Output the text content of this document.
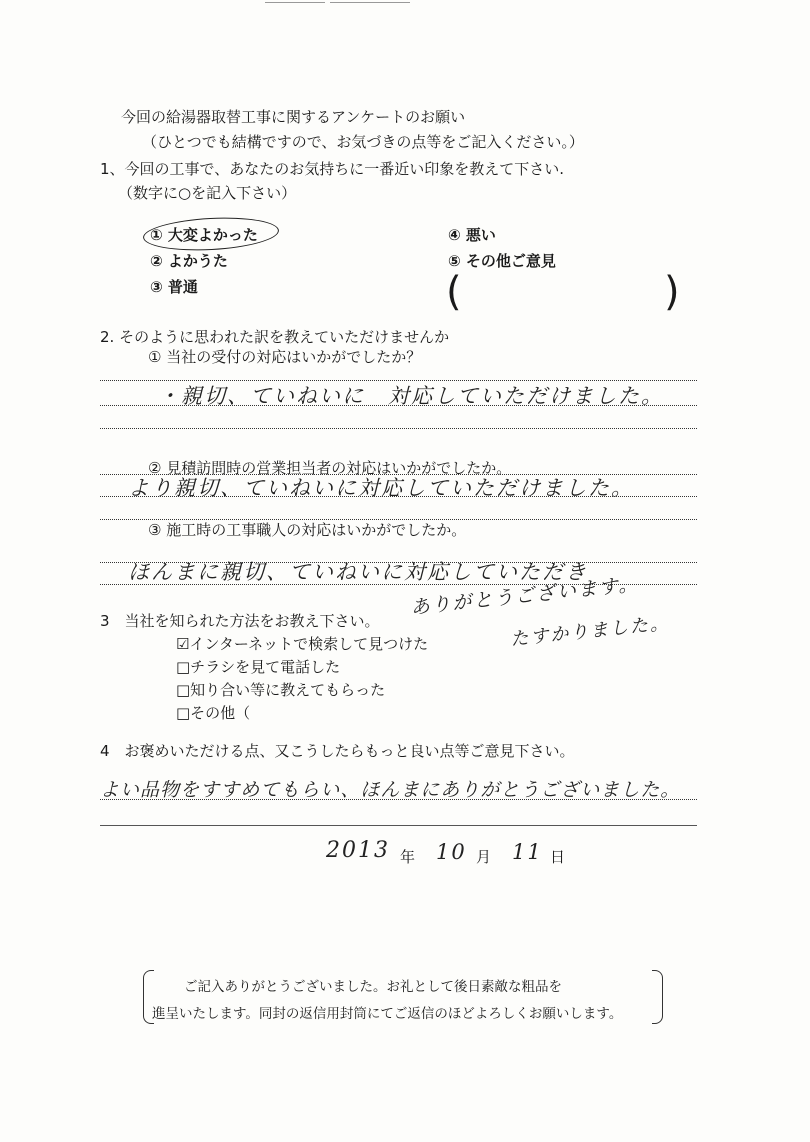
今回の給湯器取替工事に関するアンケートのお願い
（ひとつでも結構ですので、お気づきの点等をご記入ください。）
1、今回の工事で、あなたのお気持ちに一番近い印象を教えて下さい.
（数字に○を記入下さい）
① 大変よかった
② よかうた
③ 普通
④ 悪い
⑤ その他ご意見
(	)
2. そのように思われた訳を教えていただけませんか
① 当社の受付の対応はいかがでしたか？
・親切、ていねいに　対応していただけました。
② 見積訪問時の営業担当者の対応はいかがでしたか。
より親切、ていねいに対応していただけました。
③ 施工時の工事職人の対応はいかがでしたか。
ほんまに親切、ていねいに対応していただき
ありがとうございます。
たすかりました。
3　当社を知られた方法をお教え下さい。
☑インターネットで検索して見つけた
□チラシを見て電話した
□知り合い等に教えてもらった
□その他（
4　お褒めいただける点、又こうしたらもっと良い点等ご意見下さい。
よい品物をすすめてもらい、ほんまにありがとうございました。
2013 年 10 月 11 日
ご記入ありがとうございました。お礼として後日素敵な粗品を
進呈いたします。同封の返信用封筒にてご返信のほどよろしくお願いします。
